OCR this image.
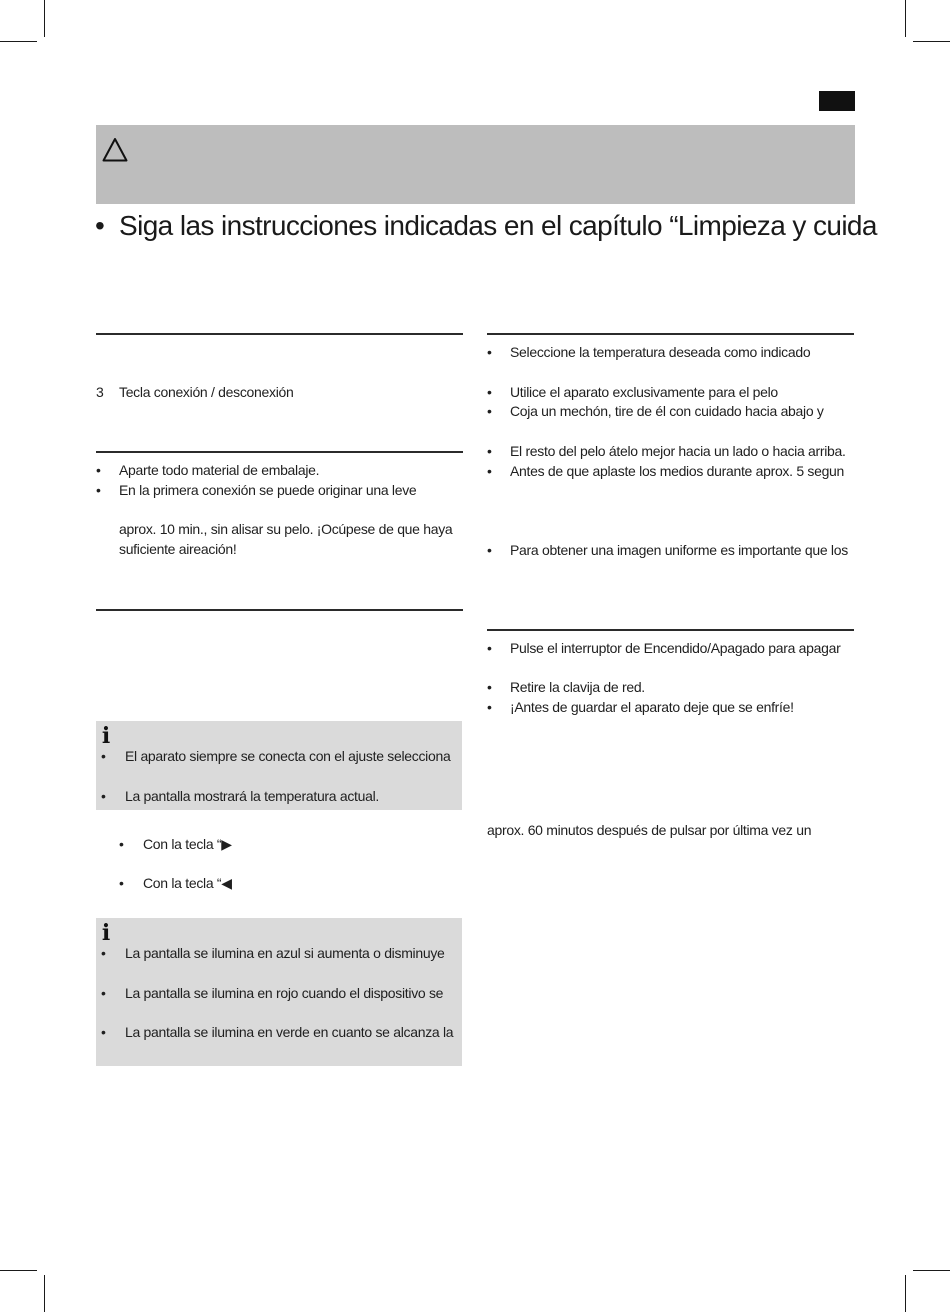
• Siga las instrucciones indicadas en el capítulo “Limpieza y cuida
3 Tecla conexión / desconexión
• Aparte todo material de embalaje.
• En la primera conexión se puede originar una leve
aprox. 10 min., sin alisar su pelo. ¡Ocúpese de que haya
suficiente aireación!
i
• El aparato siempre se conecta con el ajuste selecciona
• La pantalla mostrará la temperatura actual.
• Con la tecla “▶
• Con la tecla “◀
i
• La pantalla se ilumina en azul si aumenta o disminuye
• La pantalla se ilumina en rojo cuando el dispositivo se
• La pantalla se ilumina en verde en cuanto se alcanza la
• Seleccione la temperatura deseada como indicado
• Utilice el aparato exclusivamente para el pelo
• Coja un mechón, tire de él con cuidado hacia abajo y
• El resto del pelo átelo mejor hacia un lado o hacia arriba.
• Antes de que aplaste los medios durante aprox. 5 segun
• Para obtener una imagen uniforme es importante que los
• Pulse el interruptor de Encendido/Apagado para apagar
• Retire la clavija de red.
• ¡Antes de guardar el aparato deje que se enfríe!
aprox. 60 minutos después de pulsar por última vez un
